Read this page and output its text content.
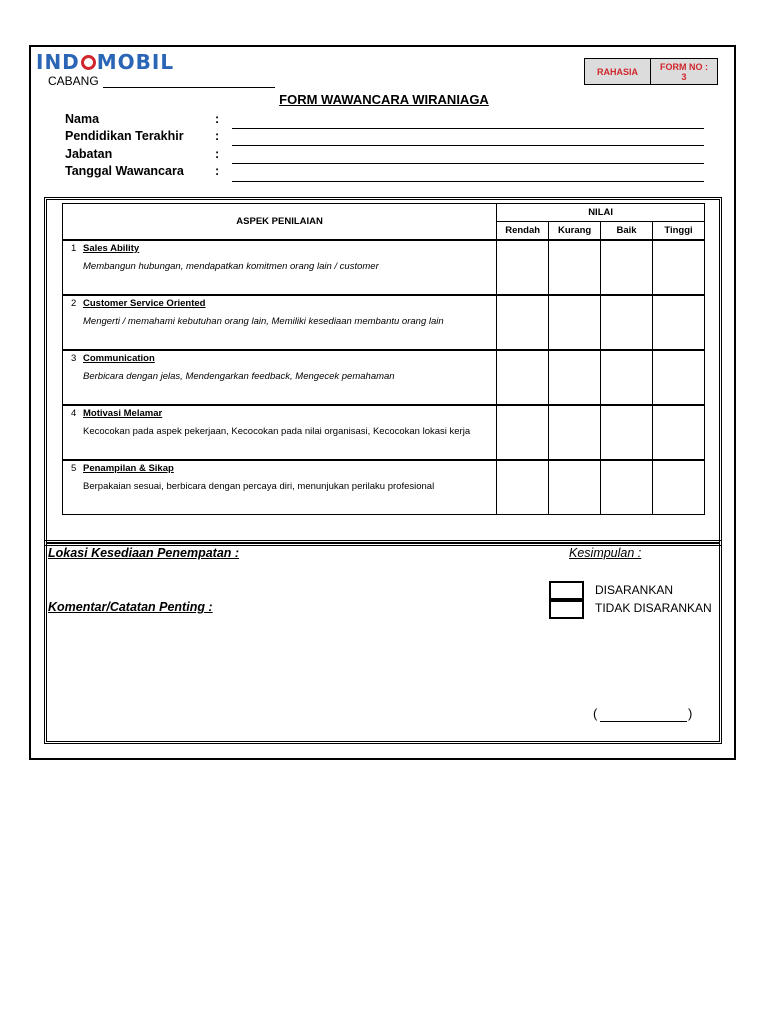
IND MOBIL
CABANG
RAHASIA	FORM NO :
3
FORM WAWANCARA WIRANIAGA
Nama	:
Pendidikan Terakhir	:
Jabatan	:
Tanggal Wawancara :
ASPEK PENILAIAN	NILAI			
	Rendah	Kurang	Baik	Tinggi
1 Sales Ability
Membangun hubungan, mendapatkan komitmen orang lain / customer				

2 Customer Service Oriented
Mengerti / memahami kebutuhan orang lain, Memiliki kesediaan membantu orang lain				

3 Communication
Berbicara dengan jelas, Mendengarkan feedback, Mengecek pemahaman				

4 Motivasi Melamar
Kecocokan pada aspek pekerjaan, Kecocokan pada nilai organisasi, Kecocokan lokasi kerja				

5 Penampilan & Sikap
Berpakaian sesuai, berbicara dengan percaya diri, menunjukan perilaku profesional				

Lokasi Kesediaan Penempatan :	Kesimpulan :
DISARANKAN
TIDAK DISARANKAN
Komentar/Catatan Penting :
(	)
